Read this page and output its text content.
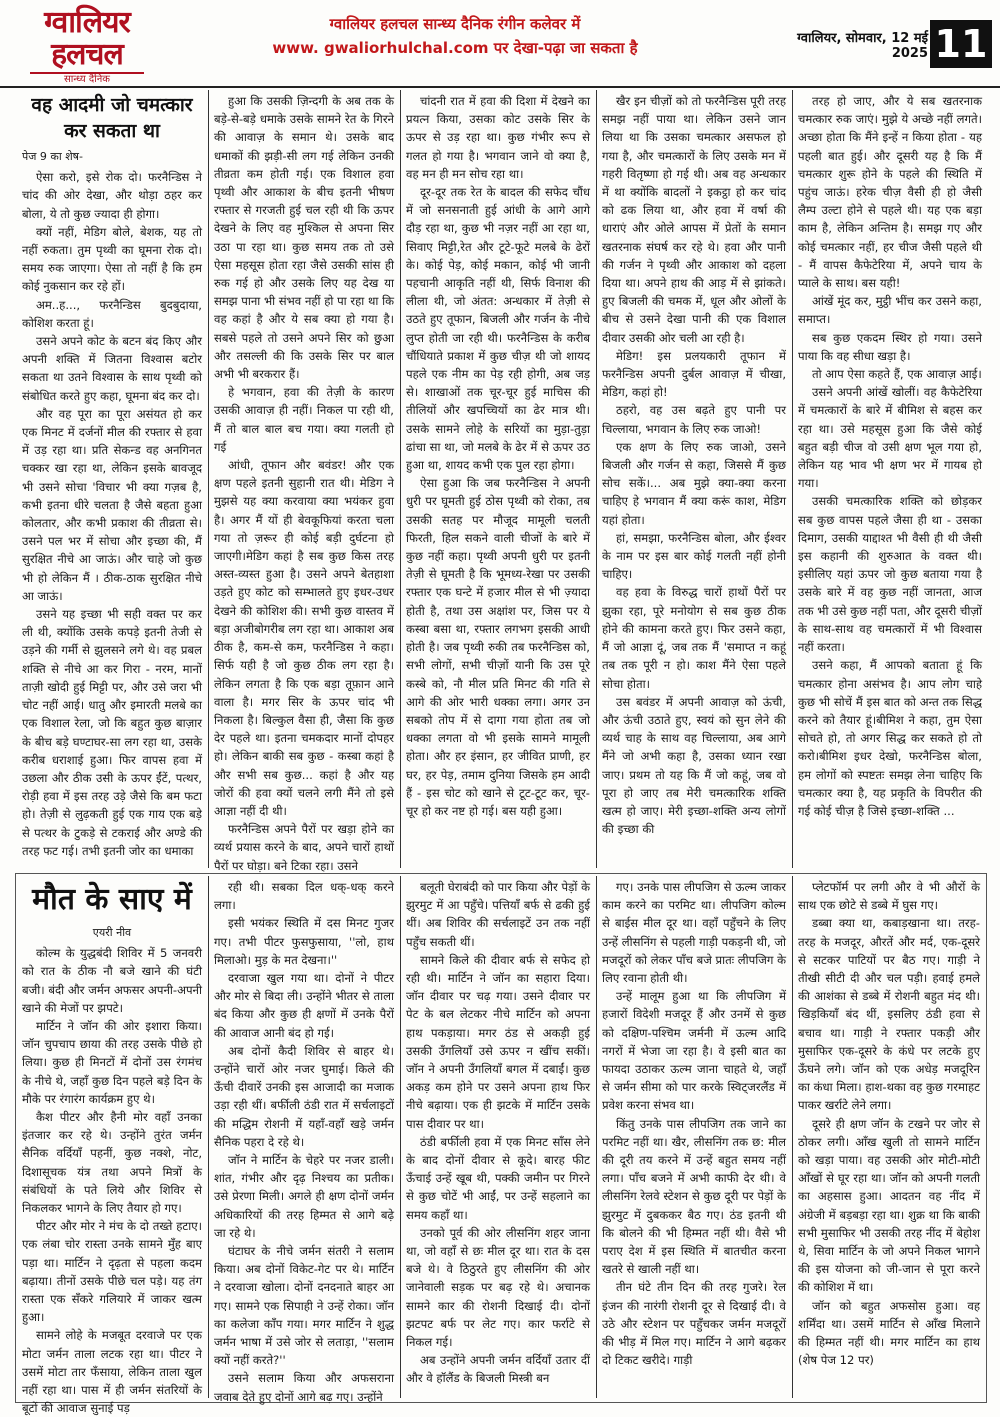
ग्वालियर
हलचल
सान्ध्य दैनिक
ग्वालियर हलचल सान्ध्य दैनिक रंगीन कलेवर में
www. gwaliorhulchal.com पर देखा-पढ़ा जा सकता है
ग्वालियर, सोमवार, 12 मई 2025 11
वह आदमी जो चमत्कार कर सकता था
पेज 9 का शेष-

ऐसा करो, इसे रोक दो। फरनैन्डिस ने चांद की ओर देखा, और थोड़ा ठहर कर बोला, ये तो कुछ ज्यादा ही होगा।

क्यों नहीं, मेडिग बोले, बेशक, यह तो नहीं रुकता। तुम पृथ्वी का घूमना रोक दो। समय रुक जाएगा। ऐसा तो नहीं है कि हम कोई नुकसान कर रहे हों।

अम..ह..., फरनैन्डिस बुदबुदाया, कोशिश करता हूं।

उसने अपने कोट के बटन बंद किए और अपनी शक्ति में जितना विश्वास बटोर सकता था उतने विश्वास के साथ पृथ्वी को संबोधित करते हुए कहा, घूमना बंद कर दो।

और वह पूरा का पूरा असंयत हो कर एक मिनट में दर्जनों मील की रफ्तार से हवा में उड़ रहा था। प्रति सेकन्ड वह अनगिनत चक्कर खा रहा था, लेकिन इसके बावजूद भी उसने सोचा 'विचार भी क्या गज़ब है, कभी इतना धीरे चलता है जैसे बहता हुआ कोलतार, और कभी प्रकाश की तीव्रता से। उसने पल भर में सोचा और इच्छा की, मैं सुरक्षित नीचे आ जाऊं। और चाहे जो कुछ भी हो लेकिन मैं । ठीक-ठाक सुरक्षित नीचे आ जाऊं।

उसने यह इच्छा भी सही वक्त पर कर ली थी, क्योंकि उसके कपड़े इतनी तेजी से उड़ने की गर्मी से झुलसने लगे थे। वह प्रबल शक्ति से नीचे आ कर गिरा - नरम, मानों ताज़ी खोदी हुई मिट्टी पर, और उसे जरा भी चोट नहीं आई। धातु और इमारती मलबे का एक विशाल रेला, जो कि बहुत कुछ बाज़ार के बीच बड़े घण्टाघर-सा लग रहा था, उसके करीब धराशाई हुआ। फिर वापस हवा में उछला और ठीक उसी के ऊपर ईंटें, पत्थर, रोड़ी हवा में इस तरह उड़े जैसे कि बम फटा हो। तेज़ी से लुढ़कती हुई एक गाय एक बड़े से पत्थर के टुकड़े से टकराई और अण्डे की तरह फट गई। तभी इतनी जोर का धमाका

हुआ कि उसकी ज़िन्दगी के अब तक के बड़े-से-बड़े धमाके उसके सामने रेत के गिरने की आवाज़ के समान थे। उसके बाद धमाकों की झड़ी-सी लग गई लेकिन उनकी तीव्रता कम होती गई। एक विशाल हवा पृथ्वी और आकाश के बीच इतनी भीषण रफ्तार से गरजती हुई चल रही थी कि ऊपर देखने के लिए वह मुश्किल से अपना सिर उठा पा रहा था। कुछ समय तक तो उसे ऐसा महसूस होता रहा जैसे उसकी सांस ही रुक गई हो और उसके लिए यह देख या समझ पाना भी संभव नहीं हो पा रहा था कि वह कहां है और ये सब क्या हो गया है। सबसे पहले तो उसने अपने सिर को छुआ और तसल्ली की कि उसके सिर पर बाल अभी भी बरकरार हैं।

हे भगवान, हवा की तेज़ी के कारण उसकी आवाज़ ही नहीं। निकल पा रही थी, मैं तो बाल बाल बच गया। क्या गलती हो गई

आंधी, तूफान और बवंडर! और एक क्षण पहले इतनी सुहानी रात थी। मेडिग ने मुझसे यह क्या करवाया क्या भयंकर हुवा है। अगर मैं यों ही बेवकूफियां करता चला गया तो ज़रूर ही कोई बड़ी दुर्घटना हो जाएगी।मेडिग कहां है सब कुछ किस तरह अस्त-व्यस्त हुआ है। उसने अपने बेतहाशा उड़ते हुए कोट को सम्भालते हुए इधर-उधर देखने की कोशिश की। सभी कुछ वास्तव में बड़ा अजीबोगरीब लग रहा था। आकाश अब ठीक है, कम-से कम, फरनैन्डिस ने कहा। सिर्फ यही है जो कुछ ठीक लग रहा है। लेकिन लगता है कि एक बड़ा तूफ़ान आने वाला है। मगर सिर के ऊपर चांद भी निकला है। बिल्कुल वैसा ही, जैसा कि कुछ देर पहले था। इतना चमकदार मानों दोपहर हो। लेकिन बाकी सब कुछ - कस्बा कहां है और सभी सब कुछ... कहां है और यह जोरों की हवा क्यों चलने लगी मैंने तो इसे आज्ञा नहीं दी थी।

फरनैन्डिस अपने पैरों पर खड़ा होने का व्यर्थ प्रयास करने के बाद, अपने चारों हाथों पैरों पर घोड़ा। बने टिका रहा। उसने

चांदनी रात में हवा की दिशा में देखने का प्रयत्न किया, उसका कोट उसके सिर के ऊपर से उड़ रहा था। कुछ गंभीर रूप से गलत हो गया है। भगवान जाने वो क्या है, वह मन ही मन सोच रहा था।

दूर-दूर तक रेत के बादल की सफेद चौंध में जो सनसनाती हुई आंधी के आगे आगे दौड़ रहा था, कुछ भी नज़र नहीं आ रहा था, सिवाए मिट्टी,रेत और टूटे-फूटे मलबे के ढेरों के। कोई पेड़, कोई मकान, कोई भी जानी पहचानी आकृति नहीं थी, सिर्फ विनाश की लीला थी, जो अंतत: अन्धकार में तेज़ी से उठते हुए तूफान, बिजली और गर्जन के नीचे लुप्त होती जा रही थी। फरनैन्डिस के करीब चौंधियाते प्रकाश में कुछ चीज़ थी जो शायद पहले एक नीम का पेड़ रही होगी, अब जड़ से। शाखाओं तक चूर-चूर हुई माचिस की तीलियों और खपच्चियों का ढेर मात्र थी। उसके सामने लोहे के सरियों का मुड़ा-तुड़ा ढांचा सा था, जो मलबे के ढेर में से ऊपर उठ हुआ था, शायद कभी एक पुल रहा होगा।

ऐसा हुआ कि जब फरनैन्डिस ने अपनी धुरी पर घूमती हुई ठोस पृथ्वी को रोका, तब उसकी सतह पर मौजूद मामूली चलती फिरती, हिल सकने वाली चीजों के बारे में कुछ नहीं कहा। पृथ्वी अपनी धुरी पर इतनी तेज़ी से घूमती है कि भूमध्य-रेखा पर उसकी रफ्तार एक घन्टे में हजार मील से भी ज़्यादा होती है, तथा उस अक्षांश पर, जिस पर ये कस्बा बसा था, रफ्तार लगभग इसकी आधी होती है। जब पृथ्वी रुकी तब फरनैन्डिस को, सभी लोगों, सभी चीज़ों यानी कि उस पूरे कस्बे को, नौ मील प्रति मिनट की गति से आगे की ओर भारी धक्का लगा। अगर उन सबको तोप में से दागा गया होता तब जो धक्का लगता वो भी इसके सामने मामूली होता। और हर इंसान, हर जीवित प्राणी, हर घर, हर पेड़, तमाम दुनिया जिसके हम आदी हैं - इस चोट को खाने से टूट-टूट कर, चूर-चूर हो कर नष्ट हो गई। बस यही हुआ।

खैर इन चीज़ों को तो फरनैन्डिस पूरी तरह समझ नहीं पाया था। लेकिन उसने जान लिया था कि उसका चमत्कार असफल हो गया है, और चमत्कारों के लिए उसके मन में गहरी वितृष्णा हो गई थी। अब वह अन्धकार में था क्योंकि बादलों ने इकट्ठा हो कर चांद को ढक लिया था, और हवा में वर्षा की धाराएं और ओले आपस में प्रेतों के समान खतरनाक संघर्ष कर रहे थे। हवा और पानी की गर्जन ने पृथ्वी और आकाश को दहला दिया था। अपने हाथ की आड़ में से झांकते। हुए बिजली की चमक में, धूल और ओलों के बीच से उसने देखा पानी की एक विशाल दीवार उसकी ओर चली आ रही है।

मेडिग! इस प्रलयकारी तूफान में फरनैन्डिस अपनी दुर्बल आवाज़ में चीखा, मेडिग, कहां हो!

ठहरो, वह उस बढ़ते हुए पानी पर चिल्लाया, भगवान के लिए रुक जाओ!

एक क्षण के लिए रुक जाओ, उसने बिजली और गर्जन से कहा, जिससे मैं कुछ सोच सकें।... अब मुझे क्या-क्या करना चाहिए हे भगवान मैं क्या करूं काश, मेडिग यहां होता।

हां, समझा, फरनैन्डिस बोला, और ईश्वर के नाम पर इस बार कोई गलती नहीं होनी चाहिए।

वह हवा के विरुद्ध चारों हाथों पैरों पर झुका रहा, पूरे मनोयोग से सब कुछ ठीक होने की कामना करते हुए। फिर उसने कहा, मैं जो आज्ञा दूं, जब तक मैं 'समाप्त न कहूं तब तक पूरी न हो। काश मैंने ऐसा पहले सोचा होता।

उस बवंडर में अपनी आवाज़ को ऊंची, और ऊंची उठाते हुए, स्वयं को सुन लेने की व्यर्थ चाह के साथ वह चिल्लाया, अब आगे मैंने जो अभी कहा है, उसका ध्यान रखा जाए। प्रथम तो यह कि मैं जो कहूं, जब वो पूरा हो जाए तब मेरी चमत्कारिक शक्ति खत्म हो जाए। मेरी इच्छा-शक्ति अन्य लोगों की इच्छा की

तरह हो जाए, और ये सब खतरनाक चमत्कार रुक जाएं। मुझे ये अच्छे नहीं लगते। अच्छा होता कि मैंने इन्हें न किया होता - यह पहली बात हुई। और दूसरी यह है कि मैं चमत्कार शुरू होने के पहले की स्थिति में पहुंच जाऊं। हरेक चीज़ वैसी ही हो जैसी लैम्प उल्टा होने से पहले थी। यह एक बड़ा काम है, लेकिन अन्तिम है। समझ गए और कोई चमत्कार नहीं, हर चीज जैसी पहले थी - मैं वापस कैफेटेरिया में, अपने चाय के प्याले के साथ। बस यही!

आंखें मूंद कर, मुट्ठी भींच कर उसने कहा, समाप्त।

सब कुछ एकदम स्थिर हो गया। उसने पाया कि वह सीधा खड़ा है।

तो आप ऐसा कहते हैं, एक आवाज़ आई।

उसने अपनी आंखें खोलीं। वह कैफेटेरिया में चमत्कारों के बारे में बीमिश से बहस कर रहा था। उसे महसूस हुआ कि जैसे कोई बहुत बड़ी चीज वो उसी क्षण भूल गया हो, लेकिन यह भाव भी क्षण भर में गायब हो गया।

उसकी चमत्कारिक शक्ति को छोड़कर सब कुछ वापस पहले जैसा ही था - उसका दिमाग, उसकी याद्दाश्त भी वैसी ही थी जैसी इस कहानी की शुरुआत के वक्त थी। इसीलिए यहां ऊपर जो कुछ बताया गया है उसके बारे में वह कुछ नहीं जानता, आज तक भी उसे कुछ नहीं पता, और दूसरी चीज़ों के साथ-साथ वह चमत्कारों में भी विश्वास नहीं करता।

उसने कहा, मैं आपको बताता हूं कि चमत्कार होना असंभव है। आप लोग चाहे कुछ भी सोचें मैं इस बात को अन्त तक सिद्ध करने को तैयार हूं।बीमिश ने कहा, तुम ऐसा सोचते हो, तो अगर सिद्ध कर सकते हो तो करो।बीमिश इधर देखो, फरनैन्डिस बोला, हम लोगों को स्पष्टतः समझ लेना चाहिए कि चमत्कार क्या है, यह प्रकृति के विपरीत की गई कोई चीज़ है जिसे इच्छा-शक्ति ...

मौत के साए में
एयरी नीव

कोल्म के युद्धबंदी शिविर में 5 जनवरी को रात के ठीक नौ बजे खाने की घंटी बजी। बंदी और जर्मन अफसर अपनी-अपनी खाने की मेजों पर झपटे।

मार्टिन ने जॉन की ओर इशारा किया। जॉन चुपचाप छाया की तरह उसके पीछे हो लिया। कुछ ही मिनटों में दोनों उस रंगमंच के नीचे थे, जहाँ कुछ दिन पहले बड़े दिन के मौके पर रंगारंग कार्यक्रम हुए थे।

कैश पीटर और हैनी मोर वहाँ उनका इंतजार कर रहे थे। उन्होंने तुरंत जर्मन सैनिक वर्दियाँ पहनीं, कुछ नक्शे, नोट, दिशासूचक यंत्र तथा अपने मित्रों के संबंधियों के पते लिये और शिविर से निकलकर भागने के लिए तैयार हो गए।

पीटर और मोर ने मंच के दो तख्ते हटाए। एक लंबा चोर रास्ता उनके सामने मुँह बाए पड़ा था। मार्टिन ने दृढ़ता से पहला कदम बढ़ाया। तीनों उसके पीछे चल पड़े। यह तंग रास्ता एक सँकरे गलियारे में जाकर खत्म हुआ।

सामने लोहे के मजबूत दरवाजे पर एक मोटा जर्मन ताला लटक रहा था। पीटर ने उसमें मोटा तार फँसाया, लेकिन ताला खुल नहीं रहा था। पास में ही जर्मन संतरियों के बूटों की आवाज सुनाई पड़

रही थी। सबका दिल धक्-धक् करने लगा।

इसी भयंकर स्थिति में दस मिनट गुजर गए। तभी पीटर फुसफुसाया, ''लो, हाथ मिलाओ। मुड़ के मत देखना।''

दरवाजा खुल गया था। दोनों ने पीटर और मोर से बिदा ली। उन्होंने भीतर से ताला बंद किया और कुछ ही क्षणों में उनके पैरों की आवाज आनी बंद हो गई।

अब दोनों कैदी शिविर से बाहर थे। उन्होंने चारों ओर नजर घुमाई। किले की ऊँची दीवारें उनकी इस आजादी का मजाक उड़ा रही थीं। बर्फीली ठंडी रात में सर्चलाइटों की मद्धिम रोशनी में यहाँ-वहाँ खड़े जर्मन सैनिक पहरा दे रहे थे।

जॉन ने मार्टिन के चेहरे पर नजर डाली। शांत, गंभीर और दृढ़ निश्चय का प्रतीक। उसे प्रेरणा मिली। अगले ही क्षण दोनों जर्मन अधिकारियों की तरह हिम्मत से आगे बढ़े जा रहे थे।

घंटाघर के नीचे जर्मन संतरी ने सलाम किया। अब दोनों विकेट-गेट पर थे। मार्टिन ने दरवाजा खोला। दोनों दनदनाते बाहर आ गए। सामने एक सिपाही ने उन्हें रोका। जॉन का कलेजा काँप गया। मगर मार्टिन ने शुद्ध जर्मन भाषा में उसे जोर से लताड़ा, ''सलाम क्यों नहीं करते?''

उसने सलाम किया और अफसराना जवाब देते हुए दोनों आगे बढ़ गए। उन्होंने

बलूती घेराबंदी को पार किया और पेड़ों के झुरमुट में आ पहुँचे। पत्तियाँ बर्फ से ढकी हुई थीं। अब शिविर की सर्चलाइटें उन तक नहीं पहुँच सकती थीं।

सामने किले की दीवार बर्फ से सफेद हो रही थी। मार्टिन ने जॉन का सहारा दिया। जॉन दीवार पर चढ़ गया। उसने दीवार पर पेट के बल लेटकर नीचे मार्टिन को अपना हाथ पकड़ाया। मगर ठंड से अकड़ी हुई उसकी उँगलियाँ उसे ऊपर न खींच सकीं। जॉन ने अपनी उँगलियाँ बगल में दबाईं। कुछ अकड़ कम होने पर उसने अपना हाथ फिर नीचे बढ़ाया। एक ही झटके में मार्टिन उसके पास दीवार पर था।

ठंडी बर्फीली हवा में एक मिनट साँस लेने के बाद दोनों दीवार से कूदे। बारह फीट ऊँचाई उन्हें खूब थी, पक्की जमीन पर गिरने से कुछ चोटें भी आईं, पर उन्हें सहलाने का समय कहाँ था।

उनको पूर्व की ओर लीसनिंग शहर जाना था, जो वहाँ से छः मील दूर था। रात के दस बजे थे। वे ठिठुरते हुए लीसनिंग की ओर जानेवाली सड़क पर बढ़ रहे थे। अचानक सामने कार की रोशनी दिखाई दी। दोनों झटपट बर्फ पर लेट गए। कार फर्राटे से निकल गई।

अब उन्होंने अपनी जर्मन वर्दियाँ उतार दीं और वे हॉलैंड के बिजली मिस्त्री बन

गए। उनके पास लीपजिग से ऊल्म जाकर काम करने का परमिट था। लीपजिग कोल्म से बाईस मील दूर था। वहाँ पहुँचने के लिए उन्हें लीसनिंग से पहली गाड़ी पकड़नी थी, जो मजदूरों को लेकर पाँच बजे प्रातः लीपजिग के लिए रवाना होती थी।

उन्हें मालूम हुआ था कि लीपजिग में हजारों विदेशी मजदूर हैं और उनमें से कुछ को दक्षिण-पश्चिम जर्मनी में ऊल्म आदि नगरों में भेजा जा रहा है। वे इसी बात का फायदा उठाकर ऊल्म जाना चाहते थे, जहाँ से जर्मन सीमा को पार करके स्विट्जरलैंड में प्रवेश करना संभव था।

किंतु उनके पास लीपजिग तक जाने का परमिट नहीं था। खैर, लीसनिंग तक छ: मील की दूरी तय करने में उन्हें बहुत समय नहीं लगा। पाँच बजने में अभी काफी देर थी। वे लीसनिंग रेलवे स्टेशन से कुछ दूरी पर पेड़ों के झुरमुट में दुबककर बैठ गए। ठंड इतनी थी कि बोलने की भी हिम्मत नहीं थी। वैसे भी पराए देश में इस स्थिति में बातचीत करना खतरे से खाली नहीं था।

तीन घंटे तीन दिन की तरह गुजरे। रेल इंजन की नारंगी रोशनी दूर से दिखाई दी। वे उठे और स्टेशन पर पहुँचकर जर्मन मजदूरों की भीड़ में मिल गए। मार्टिन ने आगे बढ़कर दो टिकट खरीदे। गाड़ी

प्लेटफॉर्म पर लगी और वे भी औरों के साथ एक छोटे से डब्बे में घुस गए।

डब्बा क्या था, कबाड़खाना था। तरह-तरह के मजदूर, औरतें और मर्द, एक-दूसरे से सटकर पाटियों पर बैठ गए। गाड़ी ने तीखी सीटी दी और चल पड़ी। हवाई हमले की आशंका से डब्बे में रोशनी बहुत मंद थी। खिड़कियाँ बंद थीं, इसलिए ठंडी हवा से बचाव था। गाड़ी ने रफ्तार पकड़ी और मुसाफिर एक-दूसरे के कंधे पर लटके हुए ऊँघने लगे। जॉन को एक अधेड़ मजदूरिन का कंधा मिला। हाश-थका वह कुछ गरमाहट पाकर खर्राटे लेने लगा।

दूसरे ही क्षण जॉन के टखने पर जोर से ठोकर लगी। आँख खुली तो सामने मार्टिन को खड़ा पाया। वह उसकी ओर मोटी-मोटी आँखों से घूर रहा था। जॉन को अपनी गलती का अहसास हुआ। आदतन वह नींद में अंग्रेजी में बड़बड़ा रहा था। शुक्र था कि बाकी सभी मुसाफिर भी उसकी तरह नींद में बेहोश थे, सिवा मार्टिन के जो अपने निकल भागने की इस योजना को जी-जान से पूरा करने की कोशिश में था।

जॉन को बहुत अफसोस हुआ। वह शर्मिंदा था। उसमें मार्टिन से आँख मिलाने की हिम्मत नहीं थी। मगर मार्टिन का हाथ (शेष पेज 12 पर)
